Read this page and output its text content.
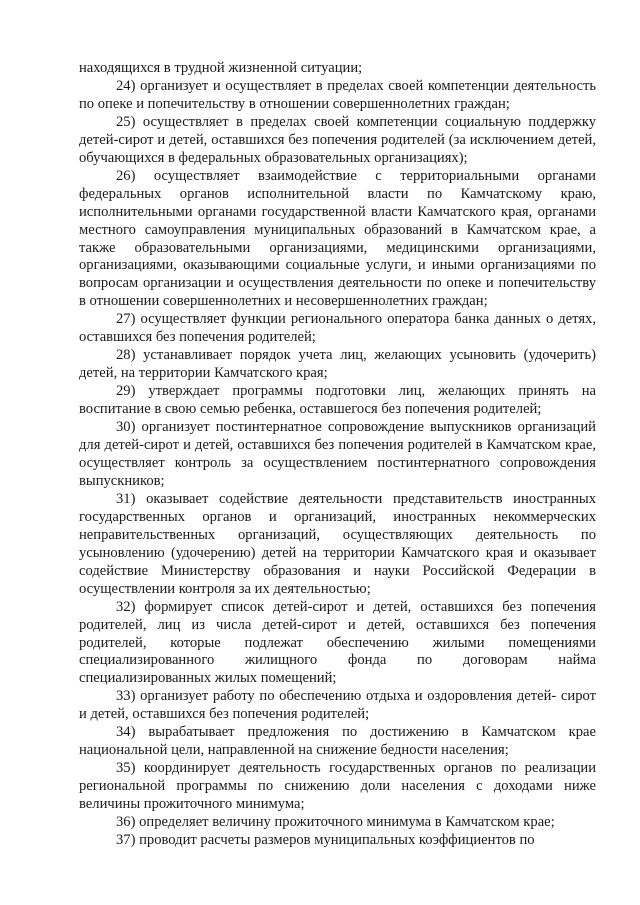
находящихся в трудной жизненной ситуации;

24) организует и осуществляет в пределах своей компетенции деятельность по опеке и попечительству в отношении совершеннолетних граждан;

25) осуществляет в пределах своей компетенции социальную поддержку детей-сирот и детей, оставшихся без попечения родителей (за исключением детей, обучающихся в федеральных образовательных организациях);

26) осуществляет взаимодействие с территориальными органами федеральных органов исполнительной власти по Камчатскому краю, исполнительными органами государственной власти Камчатского края, органами местного самоуправления муниципальных образований в Камчатском крае, а также образовательными организациями, медицинскими организациями, организациями, оказывающими социальные услуги, и иными организациями по вопросам организации и осуществления деятельности по опеке и попечительству в отношении совершеннолетних и несовершеннолетних граждан;

27) осуществляет функции регионального оператора банка данных о детях, оставшихся без попечения родителей;

28) устанавливает порядок учета лиц, желающих усыновить (удочерить) детей, на территории Камчатского края;

29) утверждает программы подготовки лиц, желающих принять на воспитание в свою семью ребенка, оставшегося без попечения родителей;

30) организует постинтернатное сопровождение выпускников организаций для детей-сирот и детей, оставшихся без попечения родителей в Камчатском крае, осуществляет контроль за осуществлением постинтернатного сопровождения выпускников;

31) оказывает содействие деятельности представительств иностранных государственных органов и организаций, иностранных некоммерческих неправительственных организаций, осуществляющих деятельность по усыновлению (удочерению) детей на территории Камчатского края и оказывает содействие Министерству образования и науки Российской Федерации в осуществлении контроля за их деятельностью;

32) формирует список детей-сирот и детей, оставшихся без попечения родителей, лиц из числа детей-сирот и детей, оставшихся без попечения родителей, которые подлежат обеспечению жилыми помещениями специализированного жилищного фонда по договорам найма специализированных жилых помещений;

33) организует работу по обеспечению отдыха и оздоровления детей- сирот и детей, оставшихся без попечения родителей;

34) вырабатывает предложения по достижению в Камчатском крае национальной цели, направленной на снижение бедности населения;

35) координирует деятельность государственных органов по реализации региональной программы по снижению доли населения с доходами ниже величины прожиточного минимума;

36) определяет величину прожиточного минимума в Камчатском крае;

37) проводит расчеты размеров муниципальных коэффициентов по
